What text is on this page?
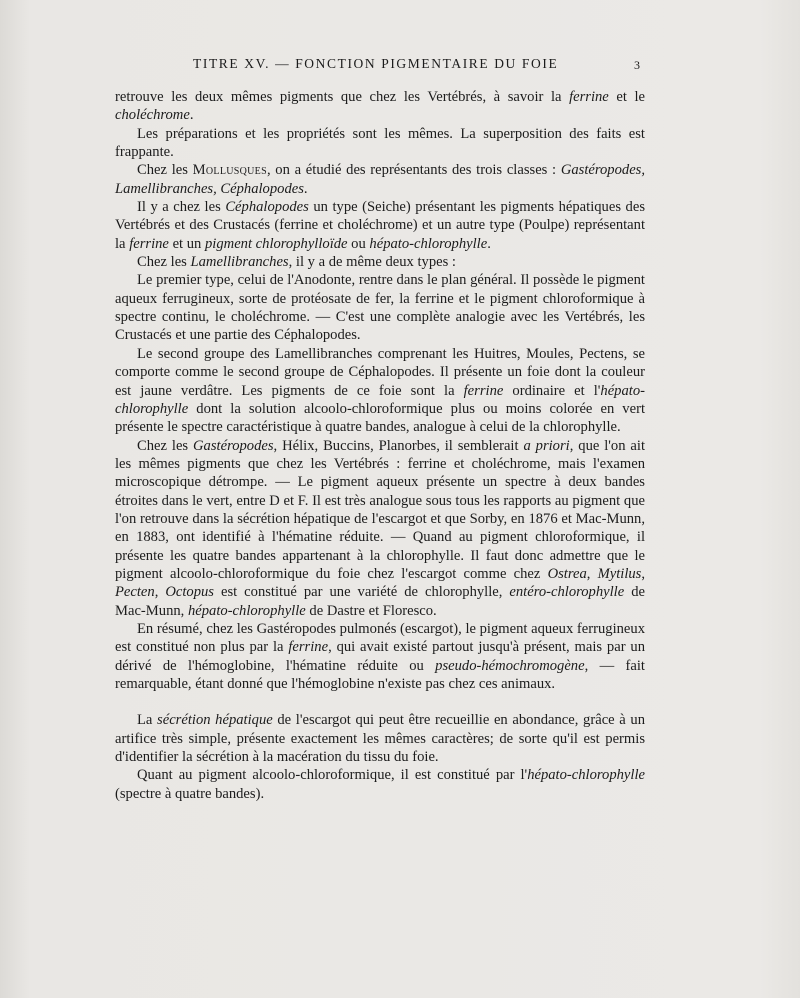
TITRE XV. — FONCTION PIGMENTAIRE DU FOIE	3

retrouve les deux mêmes pigments que chez les Vertébrés, à savoir la ferrine et le choléchrome.

Les préparations et les propriétés sont les mêmes. La superposition des faits est frappante.

Chez les Mollusques, on a étudié des représentants des trois classes : Gastéropodes, Lamellibranches, Céphalopodes.

Il y a chez les Céphalopodes un type (Seiche) présentant les pigments hépatiques des Vertébrés et des Crustacés (ferrine et choléchrome) et un autre type (Poulpe) représentant la ferrine et un pigment chlorophylloïde ou hépato-chlorophylle.

Chez les Lamellibranches, il y a de même deux types :

Le premier type, celui de l'Anodonte, rentre dans le plan général. Il possède le pigment aqueux ferrugineux, sorte de protéosate de fer, la ferrine et le pigment chloroformique à spectre continu, le choléchrome. — C'est une complète analogie avec les Vertébrés, les Crustacés et une partie des Céphalopodes.

Le second groupe des Lamellibranches comprenant les Huitres, Moules, Pectens, se comporte comme le second groupe de Céphalopodes. Il présente un foie dont la couleur est jaune verdâtre. Les pigments de ce foie sont la ferrine ordinaire et l'hépato-chlorophylle dont la solution alcoolo-chloroformique plus ou moins colorée en vert présente le spectre caractéristique à quatre bandes, analogue à celui de la chlorophylle.

Chez les Gastéropodes, Hélix, Buccins, Planorbes, il semblerait a priori, que l'on ait les mêmes pigments que chez les Vertébrés : ferrine et choléchrome, mais l'examen microscopique détrompe. — Le pigment aqueux présente un spectre à deux bandes étroites dans le vert, entre D et F. Il est très analogue sous tous les rapports au pigment que l'on retrouve dans la sécrétion hépatique de l'escargot et que Sorby, en 1876 et Mac-Munn, en 1883, ont identifié à l'hématine réduite. — Quand au pigment chloroformique, il présente les quatre bandes appartenant à la chlorophylle. Il faut donc admettre que le pigment alcoolo-chloroformique du foie chez l'escargot comme chez Ostrea, Mytilus, Pecten, Octopus est constitué par une variété de chlorophylle, entéro-chlorophylle de Mac-Munn, hépato-chlorophylle de Dastre et Floresco.

En résumé, chez les Gastéropodes pulmonés (escargot), le pigment aqueux ferrugineux est constitué non plus par la ferrine, qui avait existé partout jusqu'à présent, mais par un dérivé de l'hémoglobine, l'hématine réduite ou pseudo-hémochromogène, — fait remarquable, étant donné que l'hémoglobine n'existe pas chez ces animaux.

La sécrétion hépatique de l'escargot qui peut être recueillie en abondance, grâce à un artifice très simple, présente exactement les mêmes caractères; de sorte qu'il est permis d'identifier la sécrétion à la macération du tissu du foie.

Quant au pigment alcoolo-chloroformique, il est constitué par l'hépato-chlorophylle (spectre à quatre bandes).
